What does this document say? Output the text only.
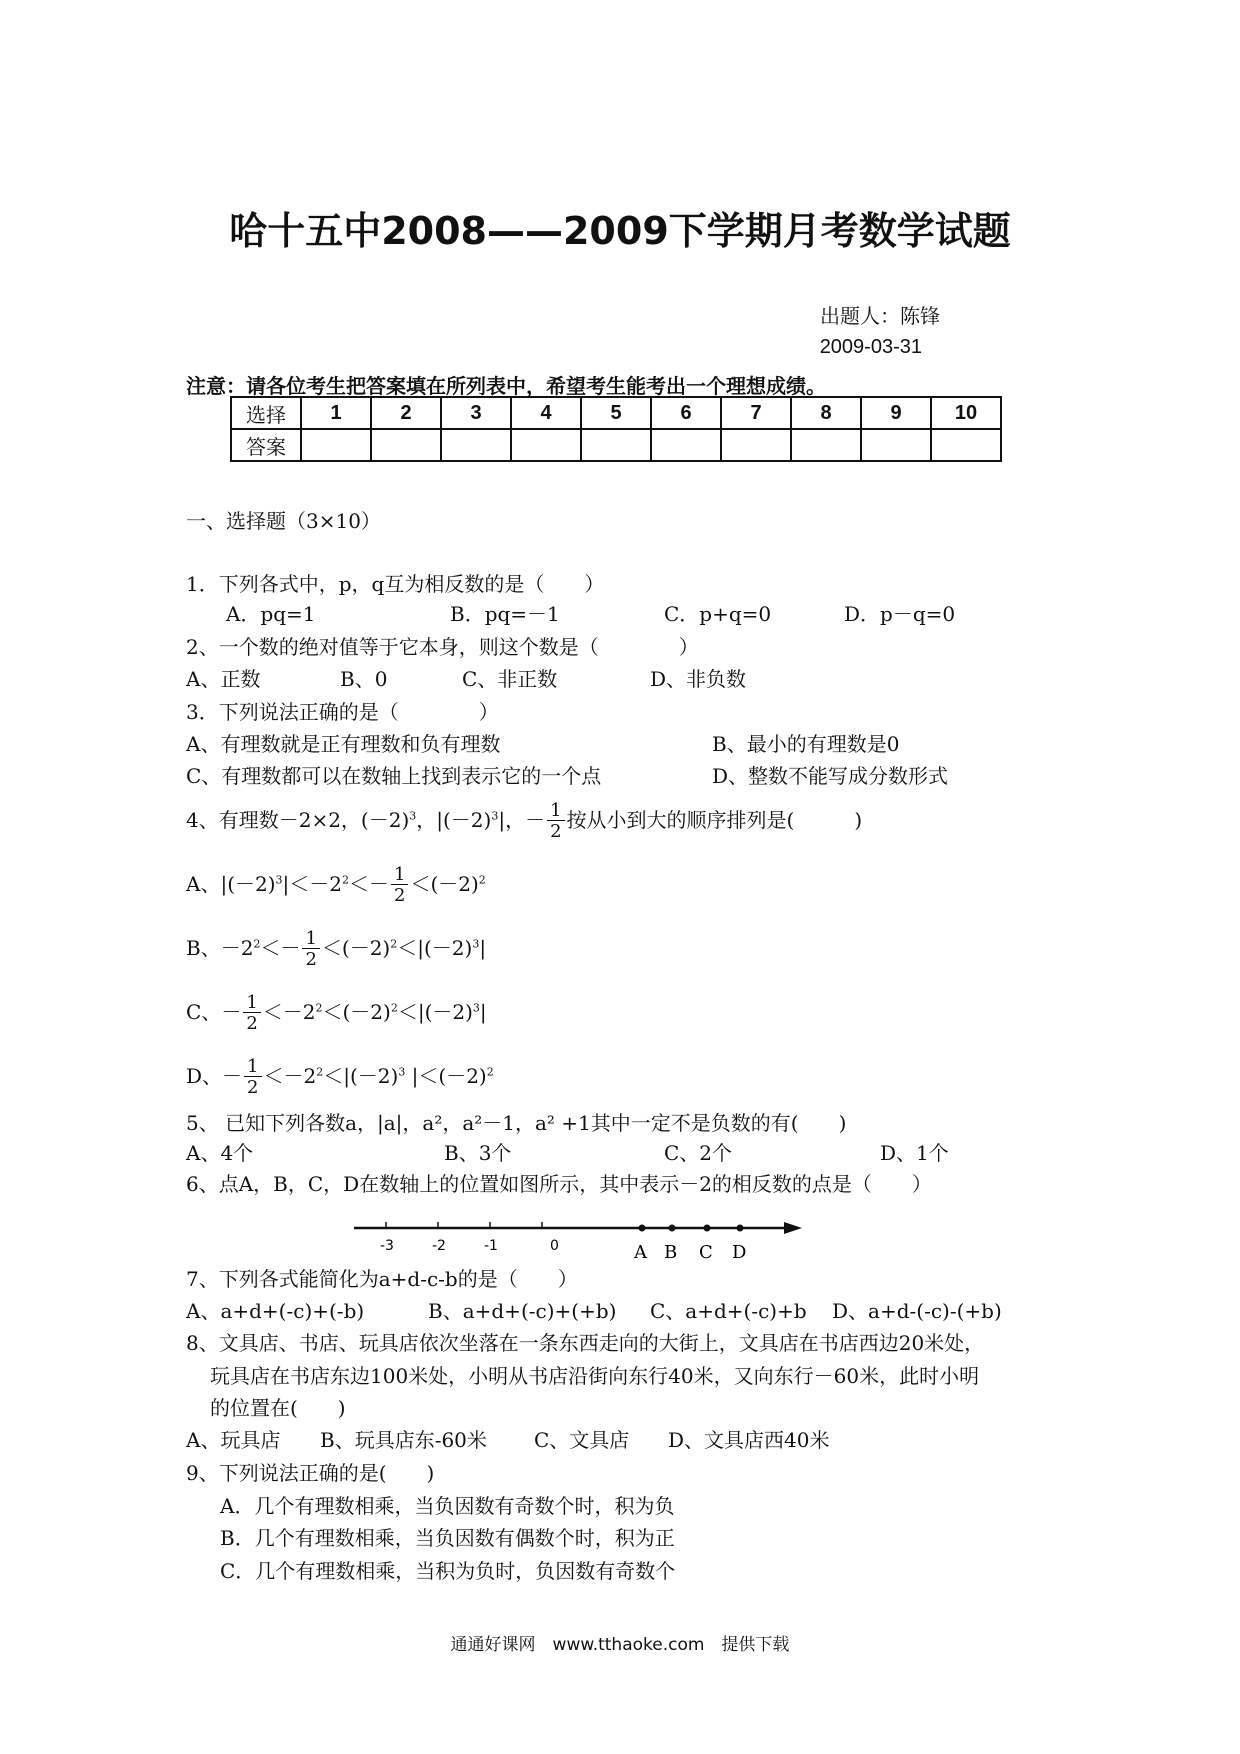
哈十五中2008——2009下学期月考数学试题
出题人：陈锋
2009-03-31
注意：请各位考生把答案填在所列表中，希望考生能考出一个理想成绩。
选择	1	2	3	4	5	6	7	8	9	10
答案										
一、选择题（3×10）
1．下列各式中，p，q互为相反数的是（　　）
A．pq=1	B．pq=－1	C．p+q=0	D．p－q=0
2、一个数的绝对值等于它本身，则这个数是（　　　　）
A、正数	B、0	C、非正数	D、非负数
3．下列说法正确的是（　　　　）
A、有理数就是正有理数和负有理数	B、最小的有理数是0
C、有理数都可以在数轴上找到表示它的一个点	D、整数不能写成分数形式
4、有理数－2×2，$(-2)^3$，$|(-2)^3|$，－ $\frac{1}{2}$ 按从小到大的顺序排列是(　　　)
A、$|(-2)^3|<-2^2<- \frac{1}{2} <(-2)^2$
B、$-2^2<- \frac{1}{2} <(-2)^2<|(-2)^3|$
C、－ $\frac{1}{2} <-2^2<(-2)^2<|(-2)^3|$
D、－ $\frac{1}{2} <-2^2<|(-2)^3$ $|<(-2)^2$
5、 已知下列各数a，|a|，a²，a²－1，a² +1其中一定不是负数的有(　　)
A、4个	B、3个	C、2个	D、1个
6、点A，B，C，D在数轴上的位置如图所示，其中表示－2的相反数的点是（　　）
-3	-2	-1	0	A B C D
7、下列各式能简化为a+d-c-b的是（　　）
A、a+d+(-c)+(-b)	B、a+d+(-c)+(+b) C、a+d+(-c)+b D、a+d-(-c)-(+b)
8、文具店、书店、玩具店依次坐落在一条东西走向的大街上，文具店在书店西边20米处，
玩具店在书店东边100米处，小明从书店沿街向东行40米，又向东行－60米，此时小明
的位置在(　　)
A、玩具店 B、玩具店东-60米 C、文具店 D、文具店西40米
9、下列说法正确的是(　　)
A．几个有理数相乘，当负因数有奇数个时，积为负
B．几个有理数相乘，当负因数有偶数个时，积为正
C．几个有理数相乘，当积为负时，负因数有奇数个
通通好课网　www.tthaoke.com　提供下载
